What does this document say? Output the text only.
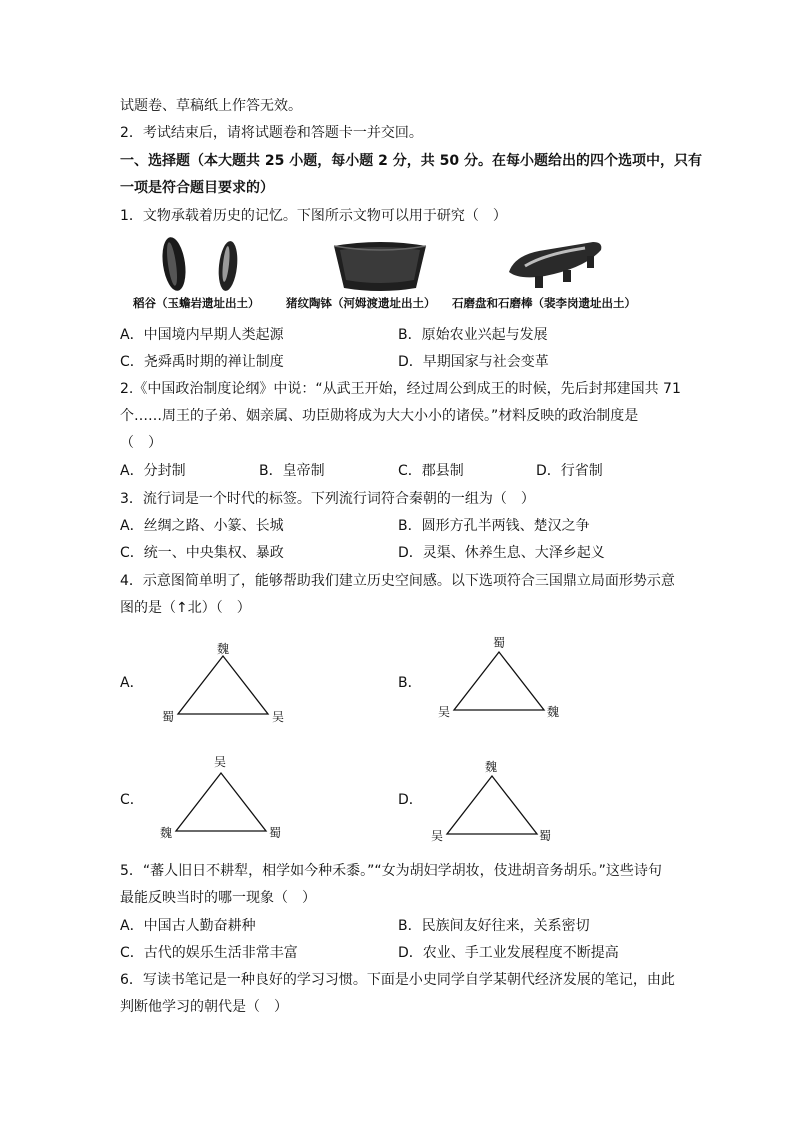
试题卷、草稿纸上作答无效。
2．考试结束后，请将试题卷和答题卡一并交回。
一、选择题（本大题共 25 小题，每小题 2 分，共 50 分。在每小题给出的四个选项中，只有
一项是符合题目要求的）
1．文物承载着历史的记忆。下图所示文物可以用于研究（　）
稻谷（玉蟾岩遗址出土） 猪纹陶钵（河姆渡遗址出土） 石磨盘和石磨棒（裴李岗遗址出土）
A．中国境内早期人类起源	B．原始农业兴起与发展
C．尧舜禹时期的禅让制度	D．早期国家与社会变革
2.《中国政治制度论纲》中说：“从武王开始，经过周公到成王的时候，先后封邦建国共 71
个……周王的子弟、姻亲属、功臣勋将成为大大小小的诸侯。”材料反映的政治制度是
（　）
A．分封制	B．皇帝制	C．郡县制	D．行省制
3．流行词是一个时代的标签。下列流行词符合秦朝的一组为（　）
A．丝绸之路、小篆、长城	B．圆形方孔半两钱、楚汉之争
C．统一、中央集权、暴政	D．灵渠、休养生息、大泽乡起义
4．示意图简单明了，能够帮助我们建立历史空间感。以下选项符合三国鼎立局面形势示意
图的是（↑北）（　）
A．
魏
蜀	吴
B．
蜀
吴	魏
C．
吴
魏	蜀
D．
魏
吴	蜀
5．“蕃人旧日不耕犁，相学如今种禾黍。”“女为胡妇学胡妆，伎进胡音务胡乐。”这些诗句
最能反映当时的哪一现象（　）
A．中国古人勤奋耕种	B．民族间友好往来，关系密切
C．古代的娱乐生活非常丰富	D．农业、手工业发展程度不断提高
6．写读书笔记是一种良好的学习习惯。下面是小史同学自学某朝代经济发展的笔记，由此
判断他学习的朝代是（　）
